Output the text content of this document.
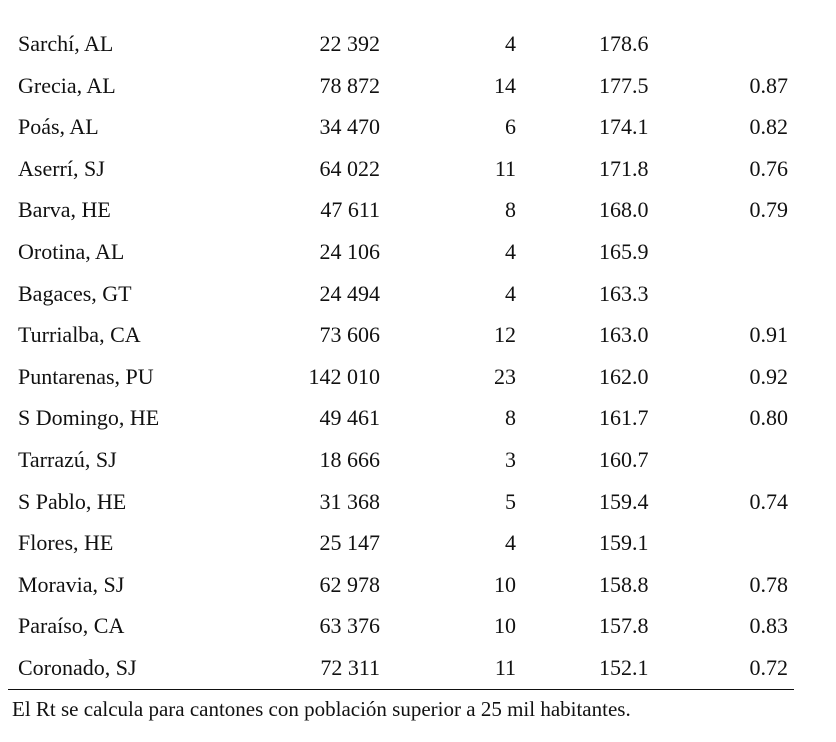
Sarchí, AL	22 392	4	178.6
Grecia, AL	78 872	14	177.5	0.87
Poás, AL	34 470	6	174.1	0.82
Aserrí, SJ	64 022	11	171.8	0.76
Barva, HE	47 611	8	168.0	0.79
Orotina, AL	24 106	4	165.9
Bagaces, GT	24 494	4	163.3
Turrialba, CA	73 606	12	163.0	0.91
Puntarenas, PU	142 010	23	162.0	0.92
S Domingo, HE	49 461	8	161.7	0.80
Tarrazú, SJ	18 666	3	160.7
S Pablo, HE	31 368	5	159.4	0.74
Flores, HE	25 147	4	159.1
Moravia, SJ	62 978	10	158.8	0.78
Paraíso, CA	63 376	10	157.8	0.83
Coronado, SJ	72 311	11	152.1	0.72
El Rt se calcula para cantones con población superior a 25 mil habitantes.
